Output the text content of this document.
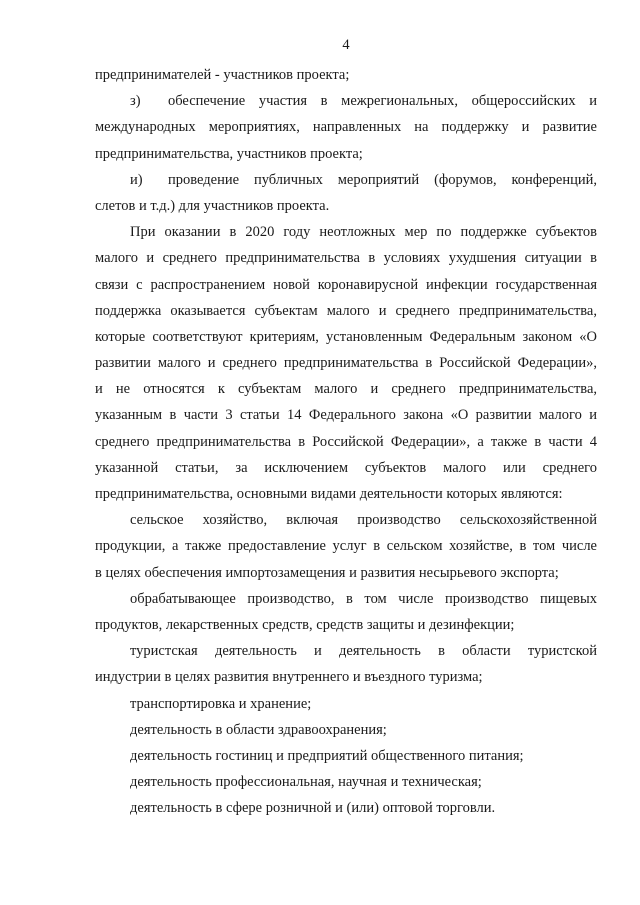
4
предпринимателей - участников проекта;
з) обеспечение участия в межрегиональных, общероссийских и
международных мероприятиях, направленных на поддержку и развитие
предпринимательства, участников проекта;
и) проведение публичных мероприятий (форумов, конференций,
слетов и т.д.) для участников проекта.
При оказании в 2020 году неотложных мер по поддержке субъектов
малого и среднего предпринимательства в условиях ухудшения ситуации в
связи с распространением новой коронавирусной инфекции государственная
поддержка оказывается субъектам малого и среднего предпринимательства,
которые соответствуют критериям, установленным Федеральным законом «О
развитии малого и среднего предпринимательства в Российской Федерации»,
и не относятся к субъектам малого и среднего предпринимательства,
указанным в части 3 статьи 14 Федерального закона «О развитии малого и
среднего предпринимательства в Российской Федерации», а также в части 4
указанной статьи, за исключением субъектов малого или среднего
предпринимательства, основными видами деятельности которых являются:
сельское хозяйство, включая производство сельскохозяйственной
продукции, а также предоставление услуг в сельском хозяйстве, в том числе
в целях обеспечения импортозамещения и развития несырьевого экспорта;
обрабатывающее производство, в том числе производство пищевых
продуктов, лекарственных средств, средств защиты и дезинфекции;
туристская деятельность и деятельность в области туристской
индустрии в целях развития внутреннего и въездного туризма;
транспортировка и хранение;
деятельность в области здравоохранения;
деятельность гостиниц и предприятий общественного питания;
деятельность профессиональная, научная и техническая;
деятельность в сфере розничной и (или) оптовой торговли.
